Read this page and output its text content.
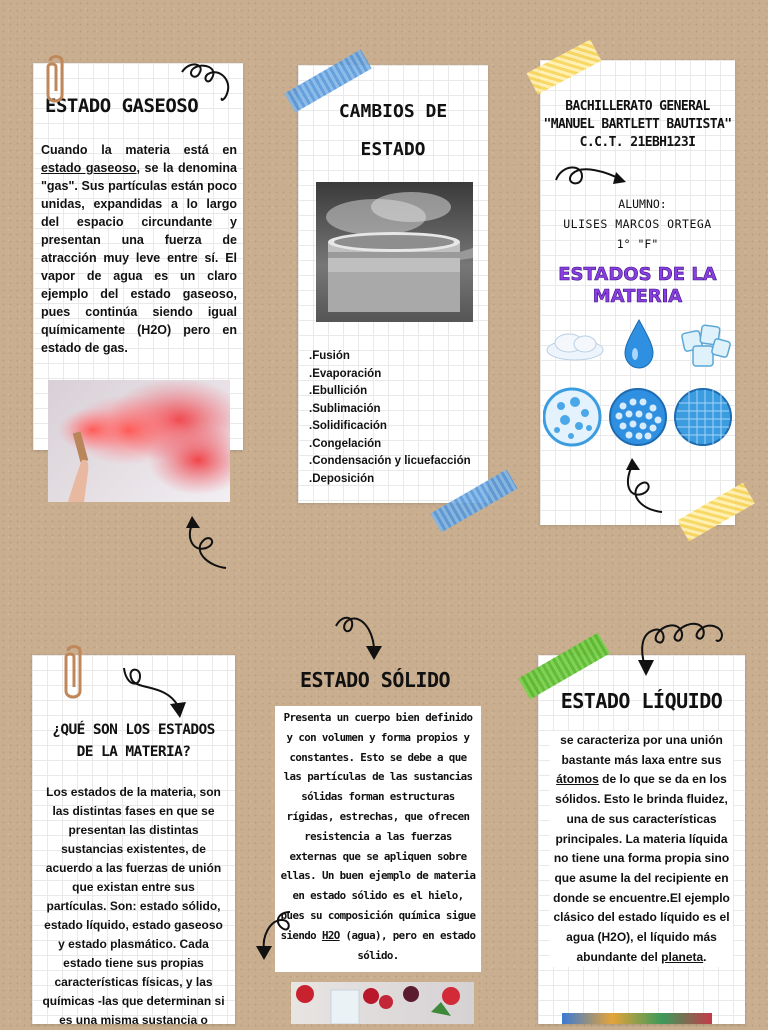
ESTADO GASEOSO
Cuando la materia está en estado gaseoso, se la denomina "gas". Sus partículas están poco unidas, expandidas a lo largo del espacio circundante y presentan una fuerza de atracción muy leve entre sí. El vapor de agua es un claro ejemplo del estado gaseoso, pues continúa siendo igual químicamente (H2O) pero en estado de gas.
CAMBIOS DE
ESTADO
.Fusión
.Evaporación
.Ebullición
.Sublimación
.Solidificación
.Congelación
.Condensación y licuefacción
.Deposición
BACHILLERATO GENERAL
"MANUEL BARTLETT BAUTISTA"
C.C.T. 21EBH123I
ALUMNO:
ULISES MARCOS ORTEGA
1° "F"
ESTADOS DE LA
MATERIA
¿QUÉ SON LOS ESTADOS
DE LA MATERIA?
Los estados de la materia, son las distintas fases en que se presentan las distintas sustancias existentes, de acuerdo a las fuerzas de unión que existan entre sus partículas. Son: estado sólido, estado líquido, estado gaseoso y estado plasmático. Cada estado tiene sus propias características físicas, y las químicas -las que determinan si es una misma sustancia o
ESTADO SÓLIDO
Presenta un cuerpo bien definido y con volumen y forma propios y constantes. Esto se debe a que las partículas de las sustancias sólidas forman estructuras rígidas, estrechas, que ofrecen resistencia a las fuerzas externas que se apliquen sobre ellas. Un buen ejemplo de materia en estado sólido es el hielo, pues su composición química sigue siendo H2O (agua), pero en estado sólido.
ESTADO LÍQUIDO
se caracteriza por una unión bastante más laxa entre sus átomos de lo que se da en los sólidos. Esto le brinda fluidez, una de sus características principales. La materia líquida no tiene una forma propia sino que asume la del recipiente en donde se encuentre.El ejemplo clásico del estado líquido es el agua (H2O), el líquido más abundante del planeta.
